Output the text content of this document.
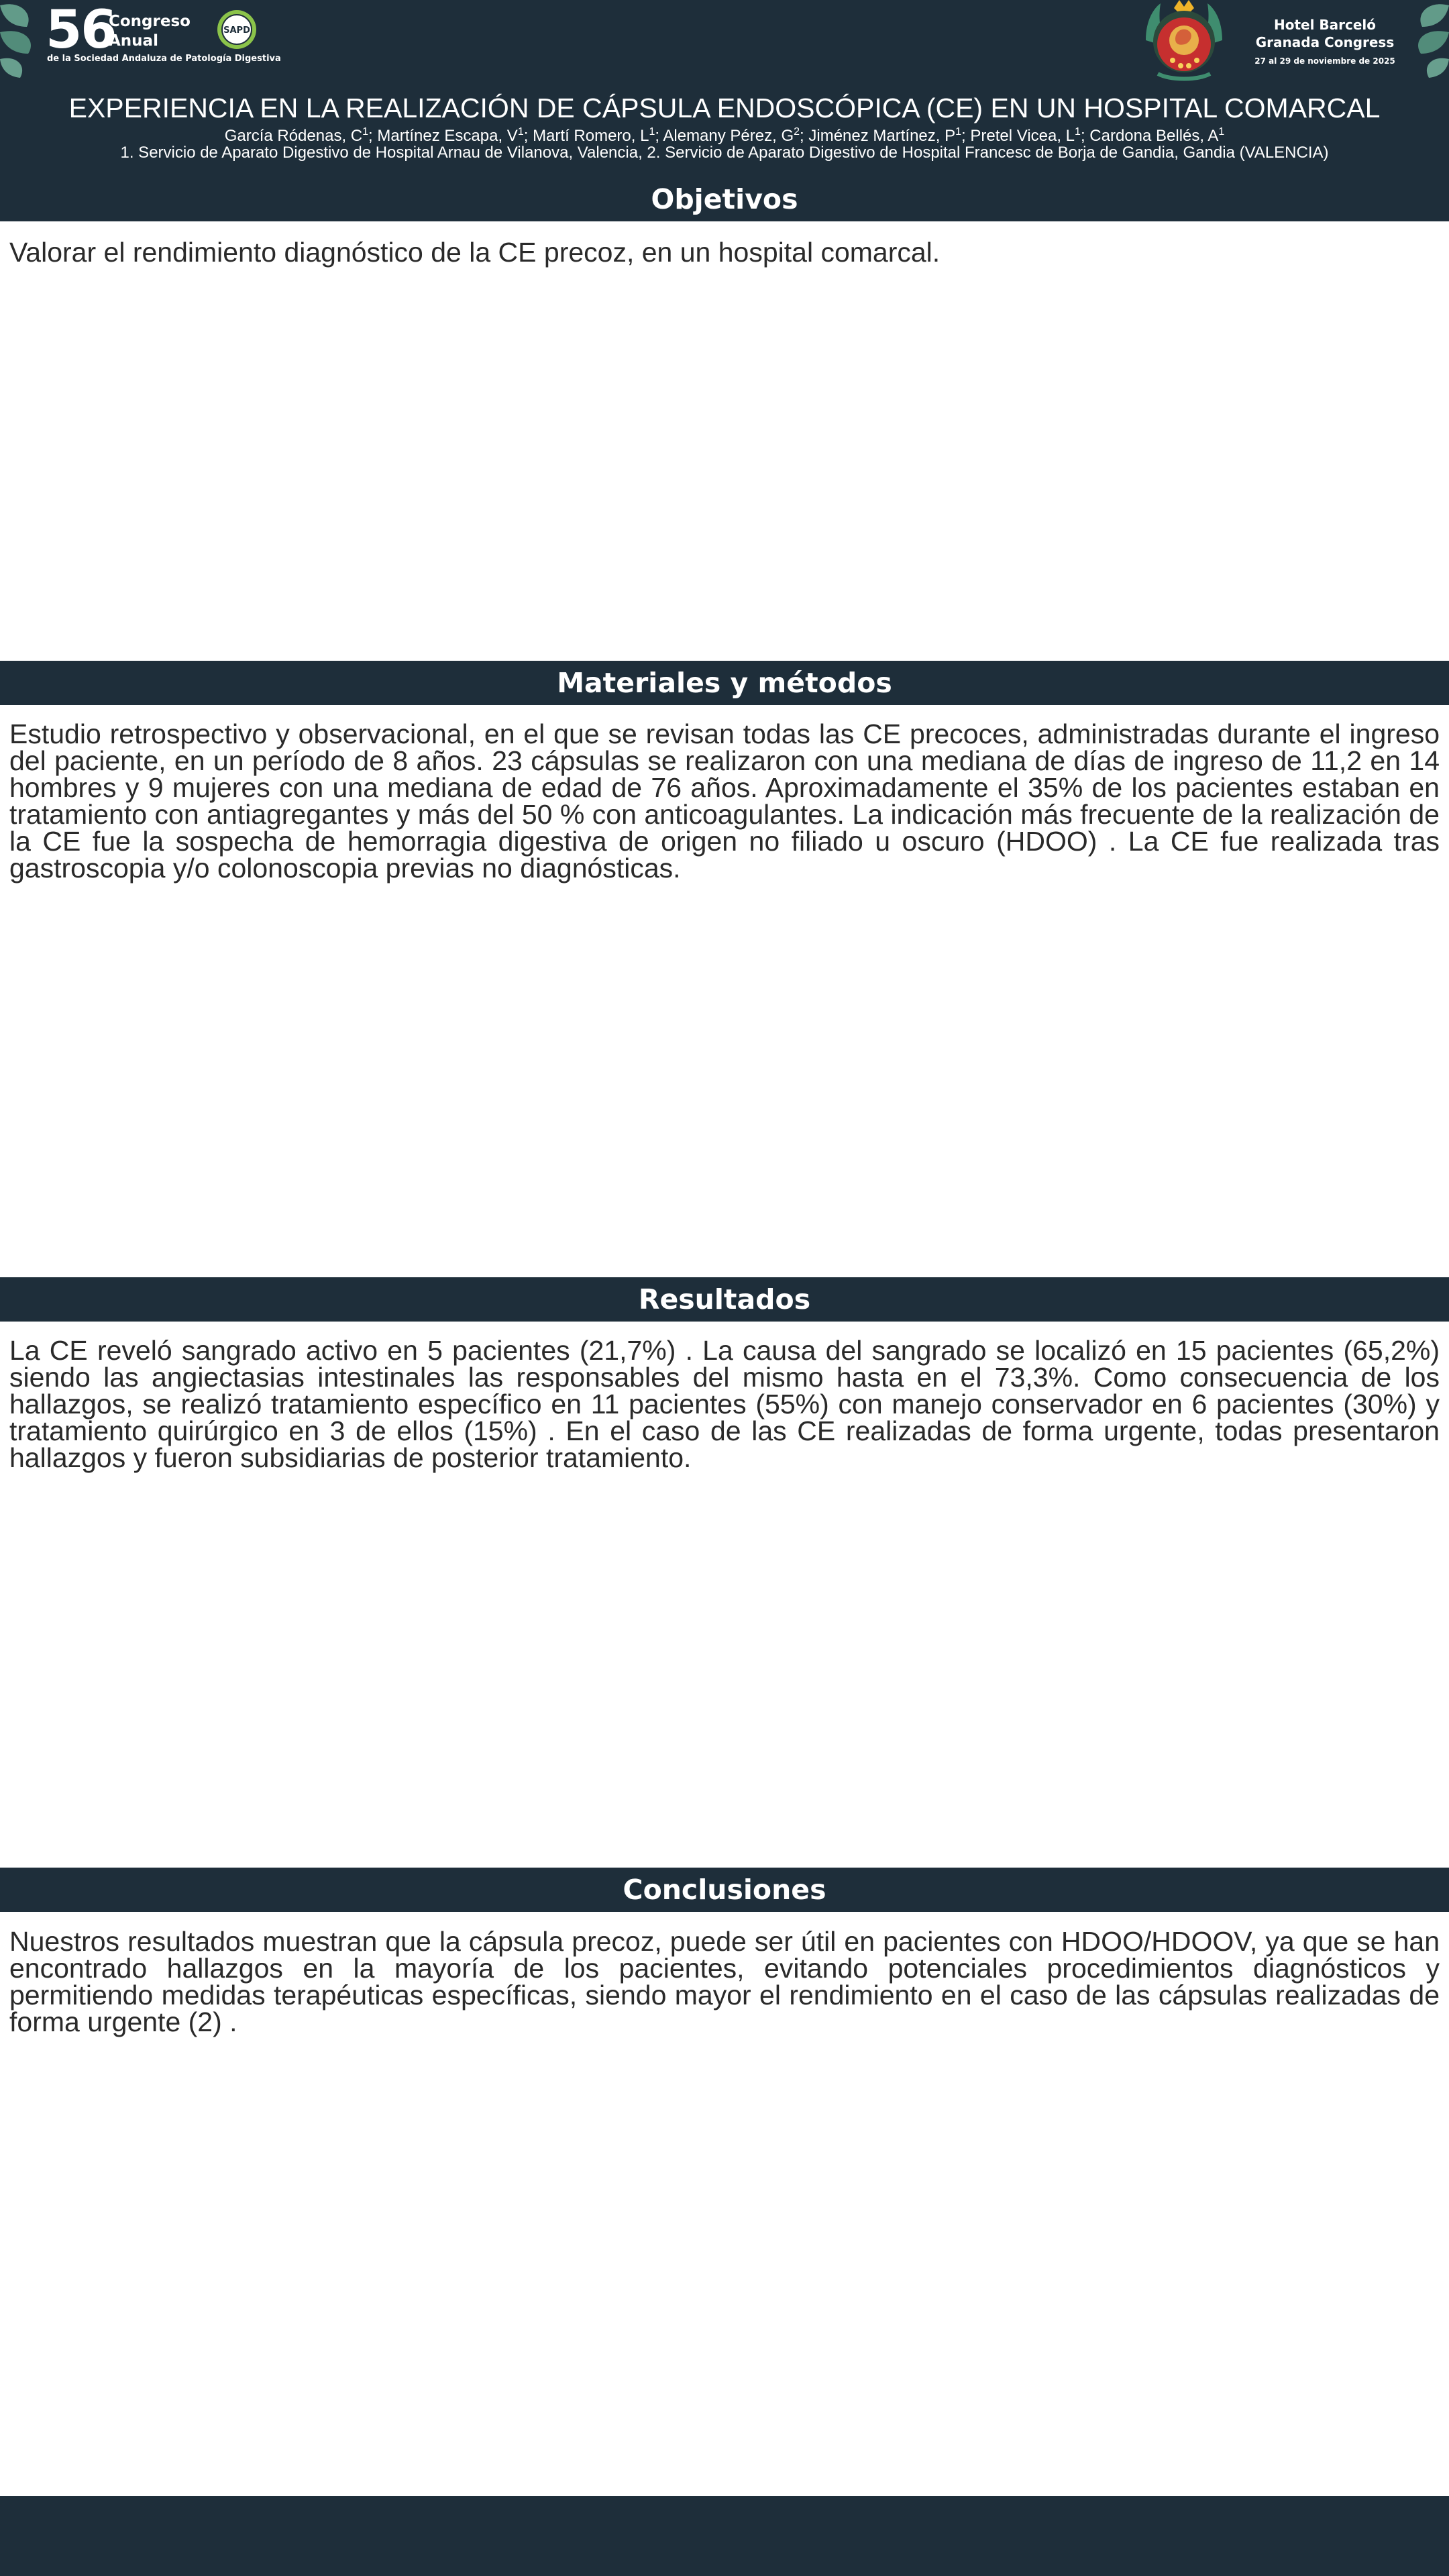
56
Congreso
Anual
SAPD
de la Sociedad Andaluza de Patología Digestiva
Hotel Barceló
Granada Congress
27 al 29 de noviembre de 2025
EXPERIENCIA EN LA REALIZACIÓN DE CÁPSULA ENDOSCÓPICA (CE) EN UN HOSPITAL COMARCAL
García Ródenas, $C^1$; Martínez Escapa, $V^1$; Martí Romero, $L^1$; Alemany Pérez, $G^2$; Jiménez Martínez, $P^1$; Pretel Vicea, $L^1$; Cardona Bellés, $A^1$
1. Servicio de Aparato Digestivo de Hospital Arnau de Vilanova, Valencia, 2. Servicio de Aparato Digestivo de Hospital Francesc de Borja de Gandia, Gandia (VALENCIA)
Objetivos
Valorar el rendimiento diagnóstico de la CE precoz, en un hospital comarcal.
Materiales y métodos
Estudio retrospectivo y observacional, en el que se revisan todas las CE precoces, administradas durante el ingreso del paciente, en un período de 8 años. 23 cápsulas se realizaron con una mediana de días de ingreso de 11,2 en 14 hombres y 9 mujeres con una mediana de edad de 76 años. Aproximadamente el 35% de los pacientes estaban en tratamiento con antiagregantes y más del 50 % con anticoagulantes. La indicación más frecuente de la realización de la CE fue la sospecha de hemorragia digestiva de origen no filiado u oscuro (HDOO) . La CE fue realizada tras gastroscopia y/o colonoscopia previas no diagnósticas.
Resultados
La CE reveló sangrado activo en 5 pacientes (21,7%) . La causa del sangrado se localizó en 15 pacientes (65,2%) siendo las angiectasias intestinales las responsables del mismo hasta en el 73,3%. Como consecuencia de los hallazgos, se realizó tratamiento específico en 11 pacientes (55%) con manejo conservador en 6 pacientes (30%) y tratamiento quirúrgico en 3 de ellos (15%) . En el caso de las CE realizadas de forma urgente, todas presentaron hallazgos y fueron subsidiarias de posterior tratamiento.
Conclusiones
Nuestros resultados muestran que la cápsula precoz, puede ser útil en pacientes con HDOO/HDOOV, ya que se han encontrado hallazgos en la mayoría de los pacientes, evitando potenciales procedimientos diagnósticos y permitiendo medidas terapéuticas específicas, siendo mayor el rendimiento en el caso de las cápsulas realizadas de forma urgente (2) .
